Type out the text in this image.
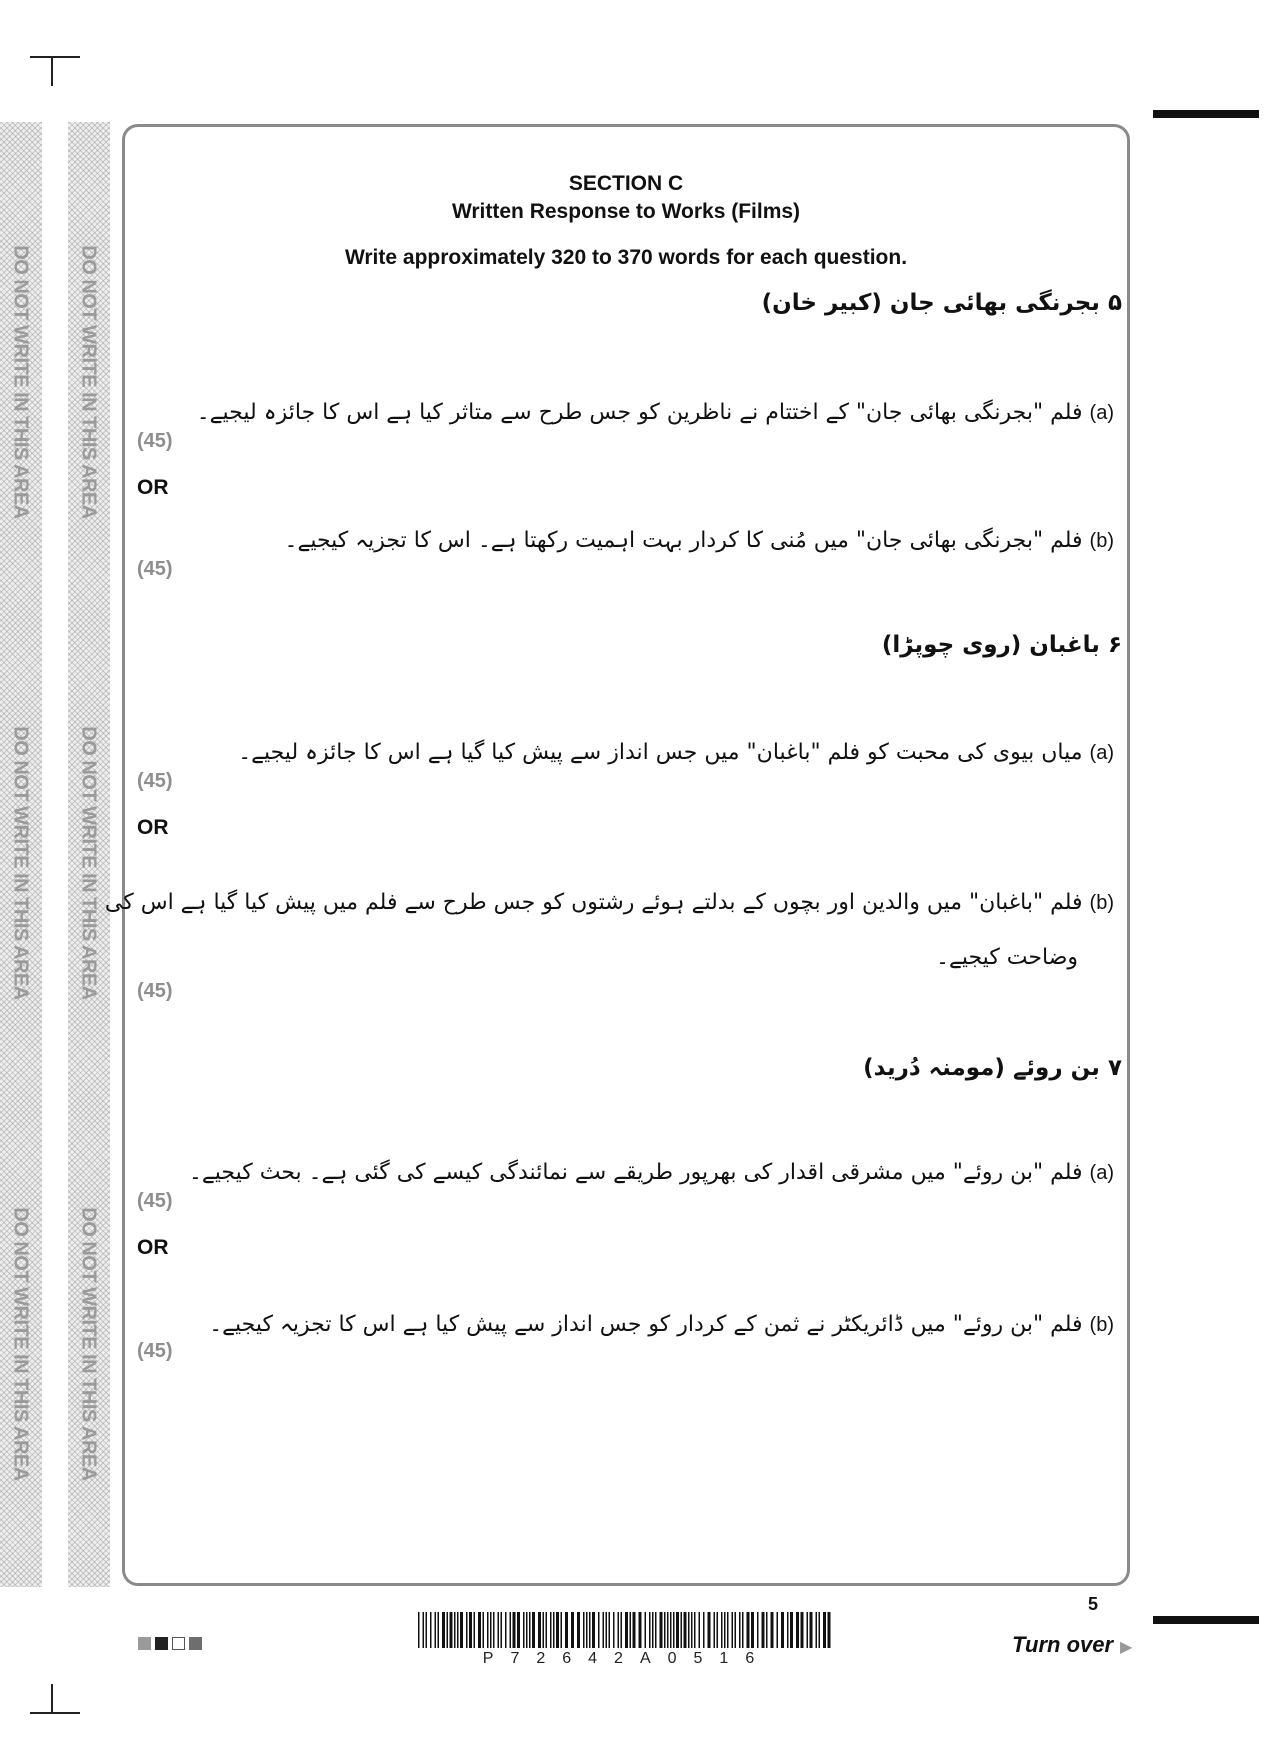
DO NOT WRITE IN THIS AREA
DO NOT WRITE IN THIS AREA
DO NOT WRITE IN THIS AREA
DO NOT WRITE IN THIS AREA
DO NOT WRITE IN THIS AREA
DO NOT WRITE IN THIS AREA
SECTION C
Written Response to Works (Films)
Write approximately 320 to 370 words for each question.
۵ بجرنگی بھائی جان (کبیر خان)
(a) فلم "بجرنگی بھائی جان" کے اختتام نے ناظرین کو جس طرح سے متاثر کیا ہے اس کا جائزہ لیجیے۔
(45)
OR
(b) فلم "بجرنگی بھائی جان" میں مُنی کا کردار بہت اہمیت رکھتا ہے۔ اس کا تجزیہ کیجیے۔
(45)
۶ باغبان (روی چوپڑا)
(a) میاں بیوی کی محبت کو فلم "باغبان" میں جس انداز سے پیش کیا گیا ہے اس کا جائزہ لیجیے۔
(45)
OR
(b) فلم "باغبان" میں والدین اور بچوں کے بدلتے ہوئے رشتوں کو جس طرح سے فلم میں پیش کیا گیا ہے اس کی
وضاحت کیجیے۔
(45)
۷ بن روئے (مومنہ دُرید)
(a) فلم "بن روئے" میں مشرقی اقدار کی بھرپور طریقے سے نمائندگی کیسے کی گئی ہے۔ بحث کیجیے۔
(45)
OR
(b) فلم "بن روئے" میں ڈائریکٹر نے ثمن کے کردار کو جس انداز سے پیش کیا ہے اس کا تجزیہ کیجیے۔
(45)
5
Turn over ▶
P72642A0516
